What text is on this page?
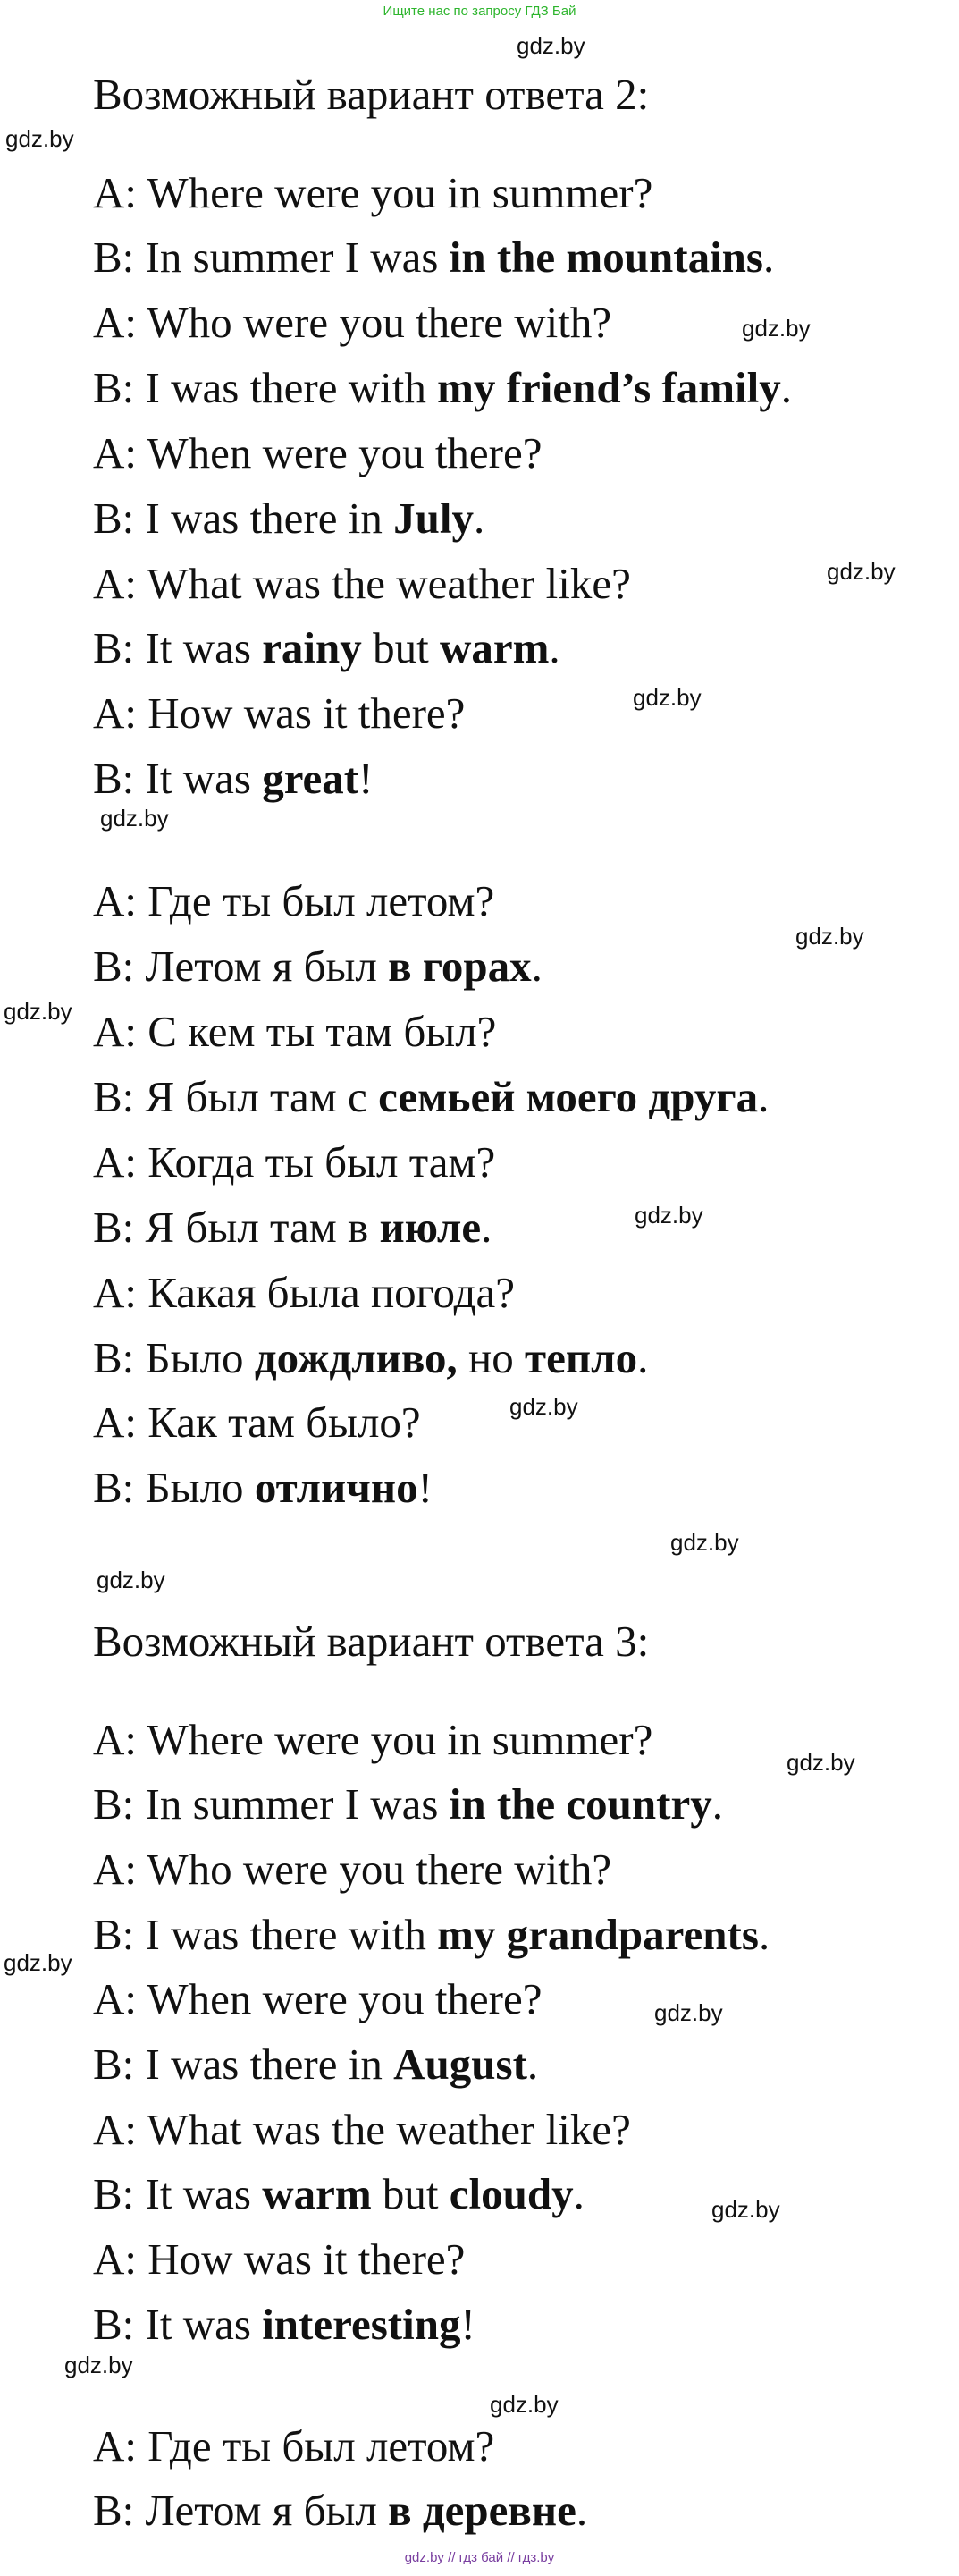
Ищите нас по запросу ГДЗ Бай
Возможный вариант ответа 2:
A: Where were you in summer?
B: In summer I was in the mountains.
A: Who were you there with?
B: I was there with my friend’s family.
A: When were you there?
B: I was there in July.
A: What was the weather like?
B: It was rainy but warm.
A: How was it there?
B: It was great!
A: Где ты был летом?
B: Летом я был в горах.
A: С кем ты там был?
B: Я был там с семьей моего друга.
A: Когда ты был там?
B: Я был там в июле.
A: Какая была погода?
B: Было дождливо, но тепло.
A: Как там было?
B: Было отлично!
Возможный вариант ответа 3:
A: Where were you in summer?
B: In summer I was in the country.
A: Who were you there with?
B: I was there with my grandparents.
A: When were you there?
B: I was there in August.
A: What was the weather like?
B: It was warm but cloudy.
A: How was it there?
B: It was interesting!
A: Где ты был летом?
B: Летом я был в деревне.
gdz.by
gdz.by
gdz.by
gdz.by
gdz.by
gdz.by
gdz.by
gdz.by
gdz.by
gdz.by
gdz.by
gdz.by
gdz.by
gdz.by
gdz.by
gdz.by
gdz.by
gdz.by
gdz.by // гдз бай // гдз.by
